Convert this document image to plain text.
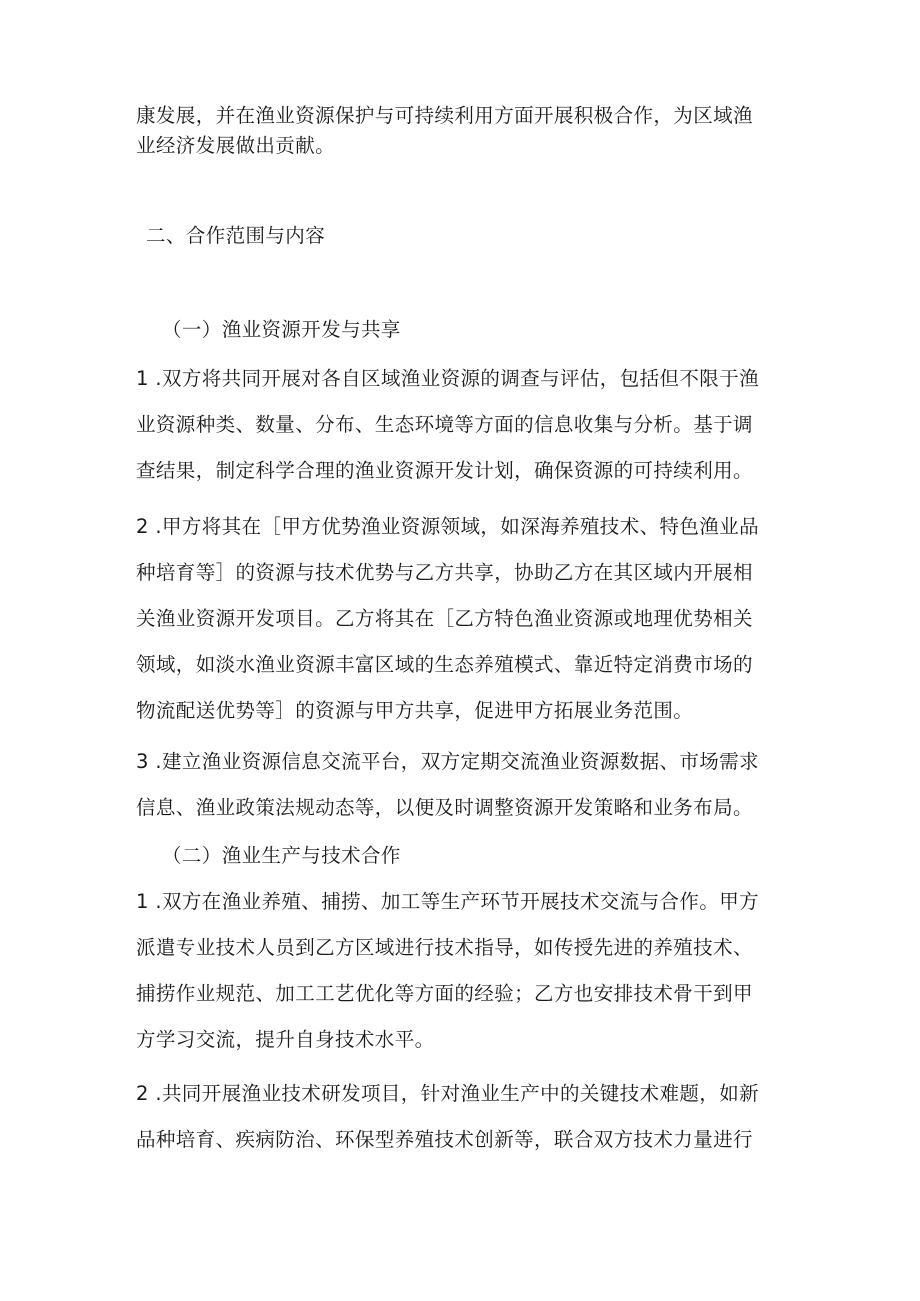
康发展，并在渔业资源保护与可持续利用方面开展积极合作，为区域渔
业经济发展做出贡献。
二、合作范围与内容
（一）渔业资源开发与共享
1 .双方将共同开展对各自区域渔业资源的调查与评估，包括但不限于渔
业资源种类、数量、分布、生态环境等方面的信息收集与分析。基于调
查结果，制定科学合理的渔业资源开发计划，确保资源的可持续利用。
2 .甲方将其在［甲方优势渔业资源领域，如深海养殖技术、特色渔业品
种培育等］的资源与技术优势与乙方共享，协助乙方在其区域内开展相
关渔业资源开发项目。乙方将其在［乙方特色渔业资源或地理优势相关
领域，如淡水渔业资源丰富区域的生态养殖模式、靠近特定消费市场的
物流配送优势等］的资源与甲方共享，促进甲方拓展业务范围。
3 .建立渔业资源信息交流平台，双方定期交流渔业资源数据、市场需求
信息、渔业政策法规动态等，以便及时调整资源开发策略和业务布局。
（二）渔业生产与技术合作
1 .双方在渔业养殖、捕捞、加工等生产环节开展技术交流与合作。甲方
派遣专业技术人员到乙方区域进行技术指导，如传授先进的养殖技术、
捕捞作业规范、加工工艺优化等方面的经验；乙方也安排技术骨干到甲
方学习交流，提升自身技术水平。
2 .共同开展渔业技术研发项目，针对渔业生产中的关键技术难题，如新
品种培育、疾病防治、环保型养殖技术创新等，联合双方技术力量进行
